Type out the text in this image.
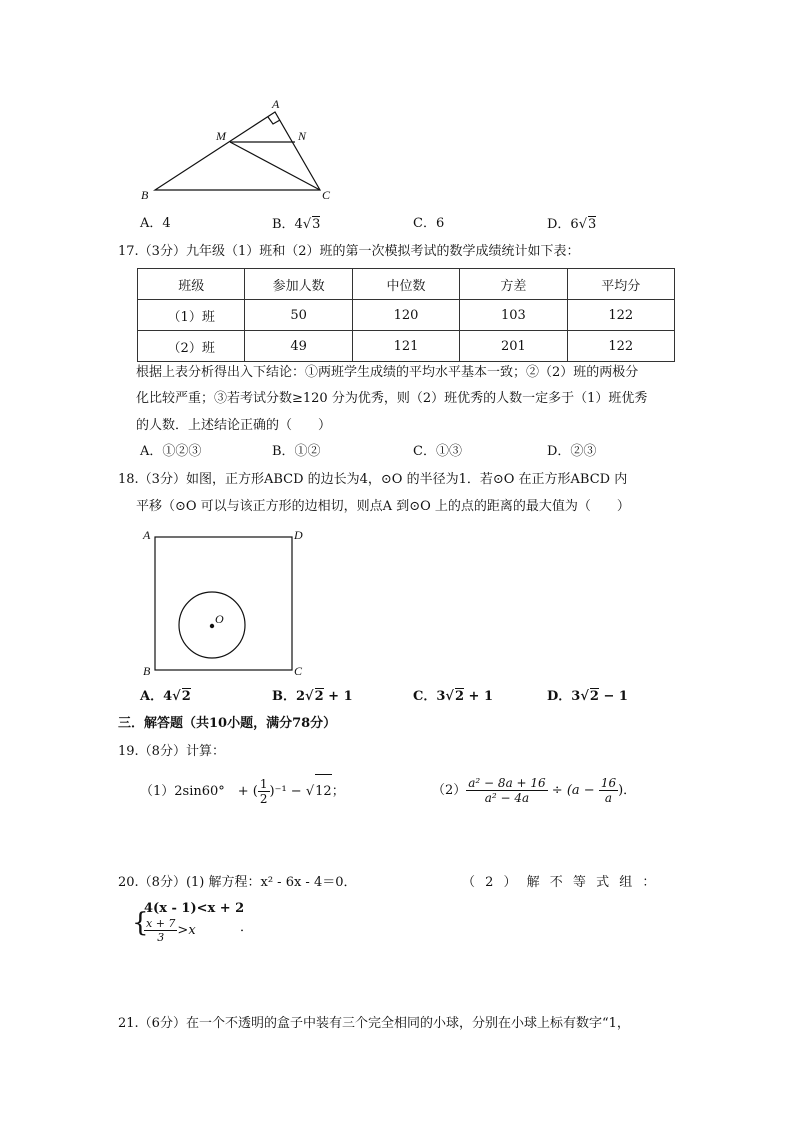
A
M	N
B	C
A．4	B．4√3	C．6	D．6√3
17.（3分）九年级（1）班和（2）班的第一次模拟考试的数学成绩统计如下表：
班级	参加人数	中位数	方差	平均分
（1）班	50	120	103	122
（2）班	49	121	201	122
根据上表分析得出入下结论：①两班学生成绩的平均水平基本一致；②（2）班的两极分
化比较严重；③若考试分数≥120 分为优秀，则（2）班优秀的人数一定多于（1）班优秀
的人数．上述结论正确的（　　）
A．①②③	B．①②	C．①③	D．②③
18.（3分）如图，正方形ABCD 的边长为4，⊙O 的半径为1．若⊙O 在正方形ABCD 内
平移（⊙O 可以与该正方形的边相切，则点A 到⊙O 上的点的距离的最大值为（　　）
A	D
B	C
O
A．4√2	B．2√2 + 1	C．3√2 + 1	D．3√2 − 1
三．解答题（共10小题，满分78分）
19.（8分）计算：
（1）2sin60°　+ ( $\frac{1}{2} )^{-1} - √12$；	$(2) \frac{\text{a² − 8a + 16}}{\text{a² − 4a}} \div (a - \frac{16}{a}$ )．
20.（8分）(1) 解方程：x² - 6x - 4＝0．	（ 2 ） 解 不 等 式 组 ：
{
4(x - 1)<x + 2
$\frac{x + 7}{3} >x$	．
21.（6分）在一个不透明的盒子中装有三个完全相同的小球，分别在小球上标有数字“1，
